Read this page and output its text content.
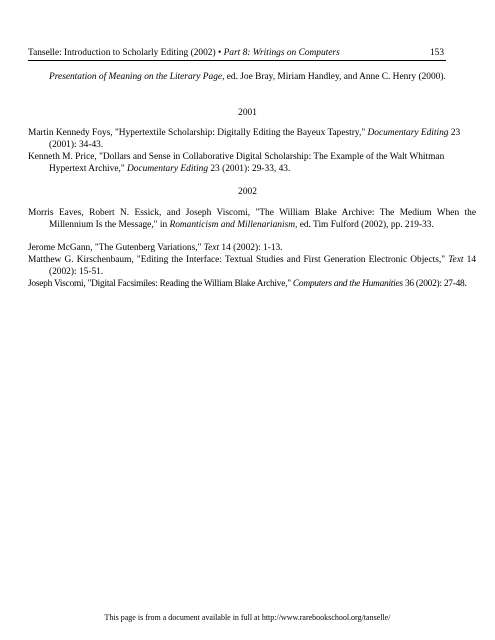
Tanselle: Introduction to Scholarly Editing (2002) • Part 8: Writings on Computers	153
Presentation of Meaning on the Literary Page, ed. Joe Bray, Miriam Handley, and Anne C. Henry (2000).
2001
Martin Kennedy Foys, "Hypertextile Scholarship: Digitally Editing the Bayeux Tapestry," Documentary Editing 23 (2001): 34-43.
Kenneth M. Price, "Dollars and Sense in Collaborative Digital Scholarship: The Example of the Walt Whitman Hypertext Archive," Documentary Editing 23 (2001): 29-33, 43.
2002
Morris Eaves, Robert N. Essick, and Joseph Viscomi, "The William Blake Archive: The Medium When the Millennium Is the Message," in Romanticism and Millenarianism, ed. Tim Fulford (2002), pp. 219-33.
Jerome McGann, "The Gutenberg Variations," Text 14 (2002): 1-13.
Matthew G. Kirschenbaum, "Editing the Interface: Textual Studies and First Generation Electronic Objects," Text 14 (2002): 15-51.
Joseph Viscomi, "Digital Facsimiles: Reading the William Blake Archive," Computers and the Humanities 36 (2002): 27-48.
This page is from a document available in full at http://www.rarebookschool.org/tanselle/
